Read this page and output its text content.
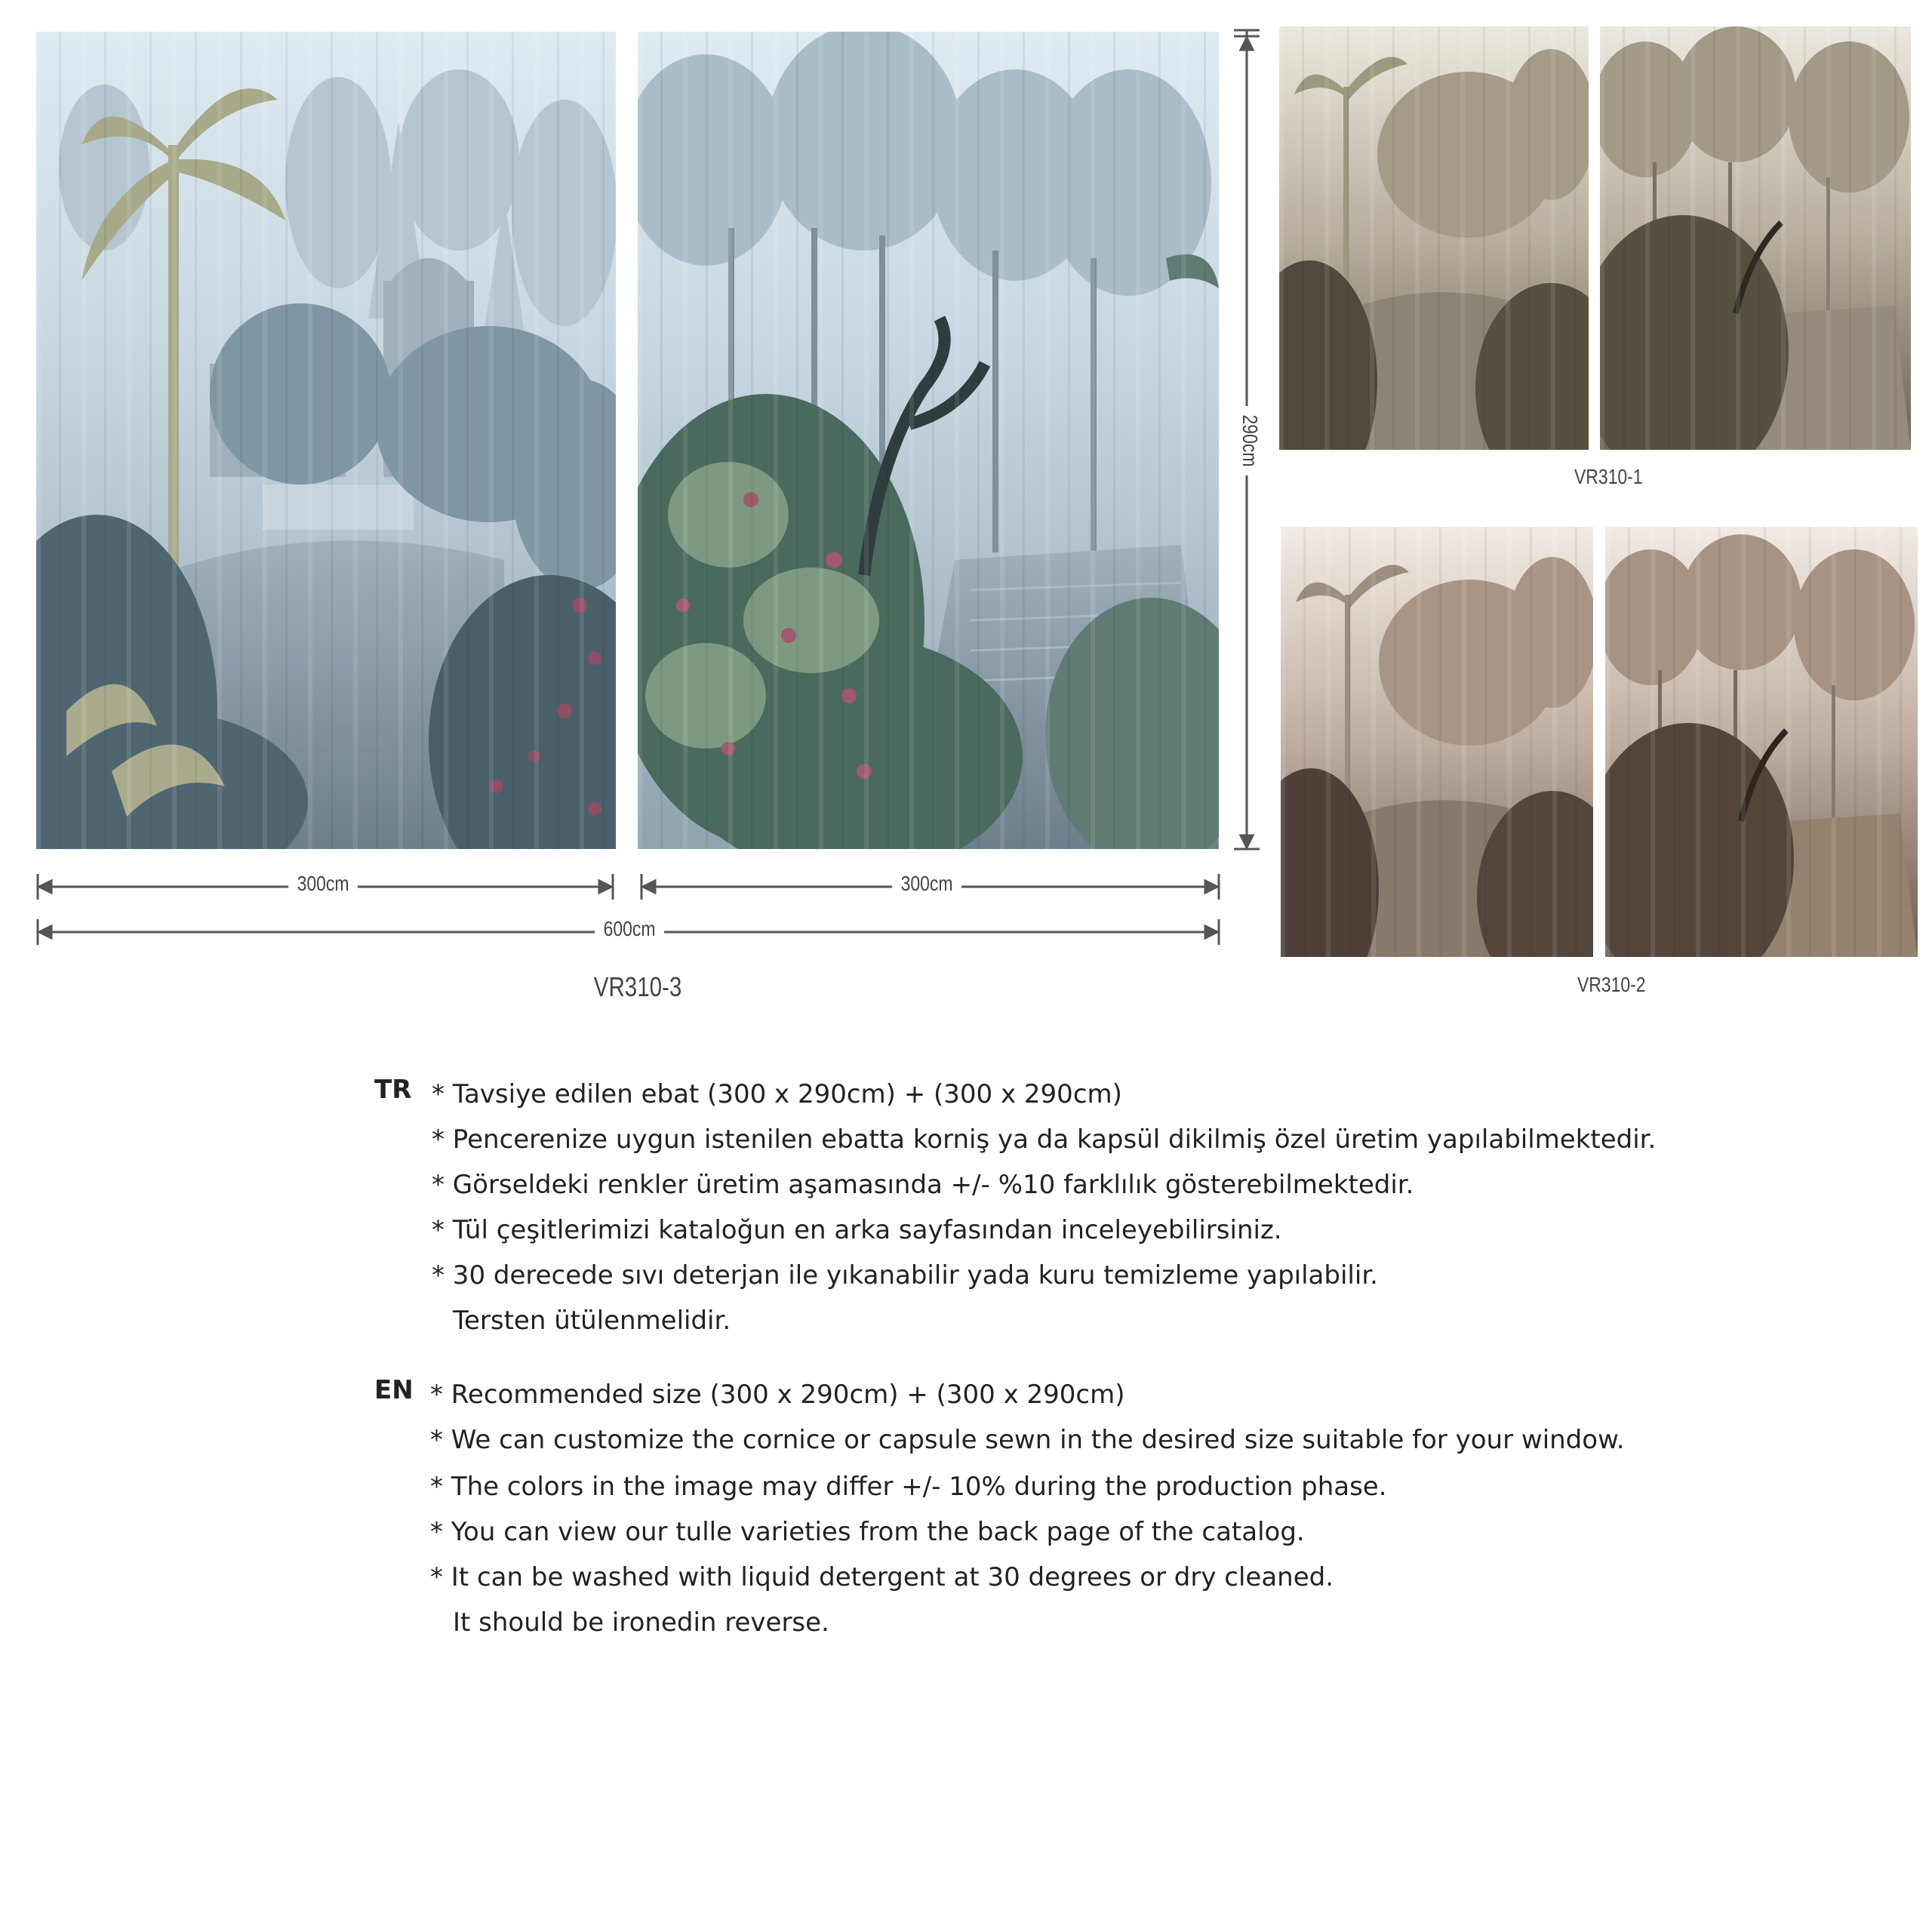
300cm	300cm
600cm
290cm
VR310-3
VR310-1
VR310-2
TR * Tavsiye edilen ebat (300 x 290cm) + (300 x 290cm)
* Pencerenize uygun istenilen ebatta korniş ya da kapsül dikilmiş özel üretim yapılabilmektedir.
* Görseldeki renkler üretim aşamasında +/- %10 farklılık gösterebilmektedir.
* Tül çeşitlerimizi kataloğun en arka sayfasından inceleyebilirsiniz.
* 30 derecede sıvı deterjan ile yıkanabilir yada kuru temizleme yapılabilir.
Tersten ütülenmelidir.
EN * Recommended size (300 x 290cm) + (300 x 290cm)
* We can customize the cornice or capsule sewn in the desired size suitable for your window.
* The colors in the image may differ +/- 10% during the production phase.
* You can view our tulle varieties from the back page of the catalog.
* It can be washed with liquid detergent at 30 degrees or dry cleaned.
It should be ironedin reverse.
